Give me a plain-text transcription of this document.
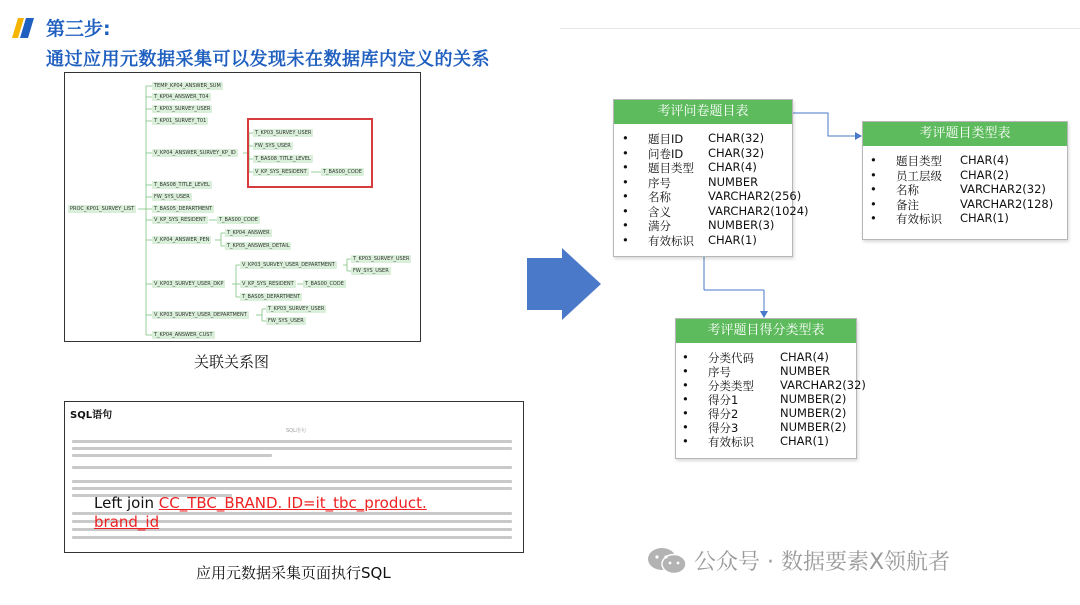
第三步:
通过应用元数据采集可以发现未在数据库内定义的关系
PROC_KP01_SURVEY_LIST
TEMP_KP04_ANSWER_SUM
T_KP04_ANSWER_T04
T_KP03_SURVEY_USER
T_KP01_SURVEY_T01
V_KP04_ANSWER_SURVEY_KP_ID
T_KP03_SURVEY_USER
FW_SYS_USER
T_BAS08_TITLE_LEVEL
V_KP_SYS_RESIDENT	T_BAS00_CODE
T_BAS08_TITLE_LEVEL
FW_SYS_USER
T_BAS05_DEPARTMENT
V_KP_SYS_RESIDENT	T_BAS00_CODE
V_KP04_ANSWER_PEN
T_KP04_ANSWER
T_KP05_ANSWER_DETAIL
V_KP03_SURVEY_USER_DKP
V_KP03_SURVEY_USER_DEPARTMENT
T_KP03_SURVEY_USER
FW_SYS_USER
V_KP_SYS_RESIDENT	T_BAS00_CODE
T_BAS05_DEPARTMENT
V_KP03_SURVEY_USER_DEPARTMENT
T_KP03_SURVEY_USER
FW_SYS_USER
T_KP04_ANSWER_CUST
关联关系图
SQL语句
SQL语句
Left join CC_TBC_BRAND. ID=it_tbc_product. brand_id
应用元数据采集页面执行SQL
考评问卷题目表
• 题目ID CHAR(32)
• 问卷ID CHAR(32)
• 题目类型 CHAR(4)
• 序号	NUMBER
• 名称	VARCHAR2(256)
• 含义	VARCHAR2(1024)
• 满分	NUMBER(3)
• 有效标识 CHAR(1)
考评题目类型表
• 题目类型 CHAR(4)
• 员工层级 CHAR(2)
• 名称	VARCHAR2(32)
• 备注	VARCHAR2(128)
• 有效标识 CHAR(1)
考评题目得分类型表
• 分类代码 CHAR(4)
• 序号	NUMBER
• 分类类型 VARCHAR2(32)
• 得分1	NUMBER(2)
• 得分2	NUMBER(2)
• 得分3	NUMBER(2)
• 有效标识 CHAR(1)
公众号 · 数据要素X领航者
